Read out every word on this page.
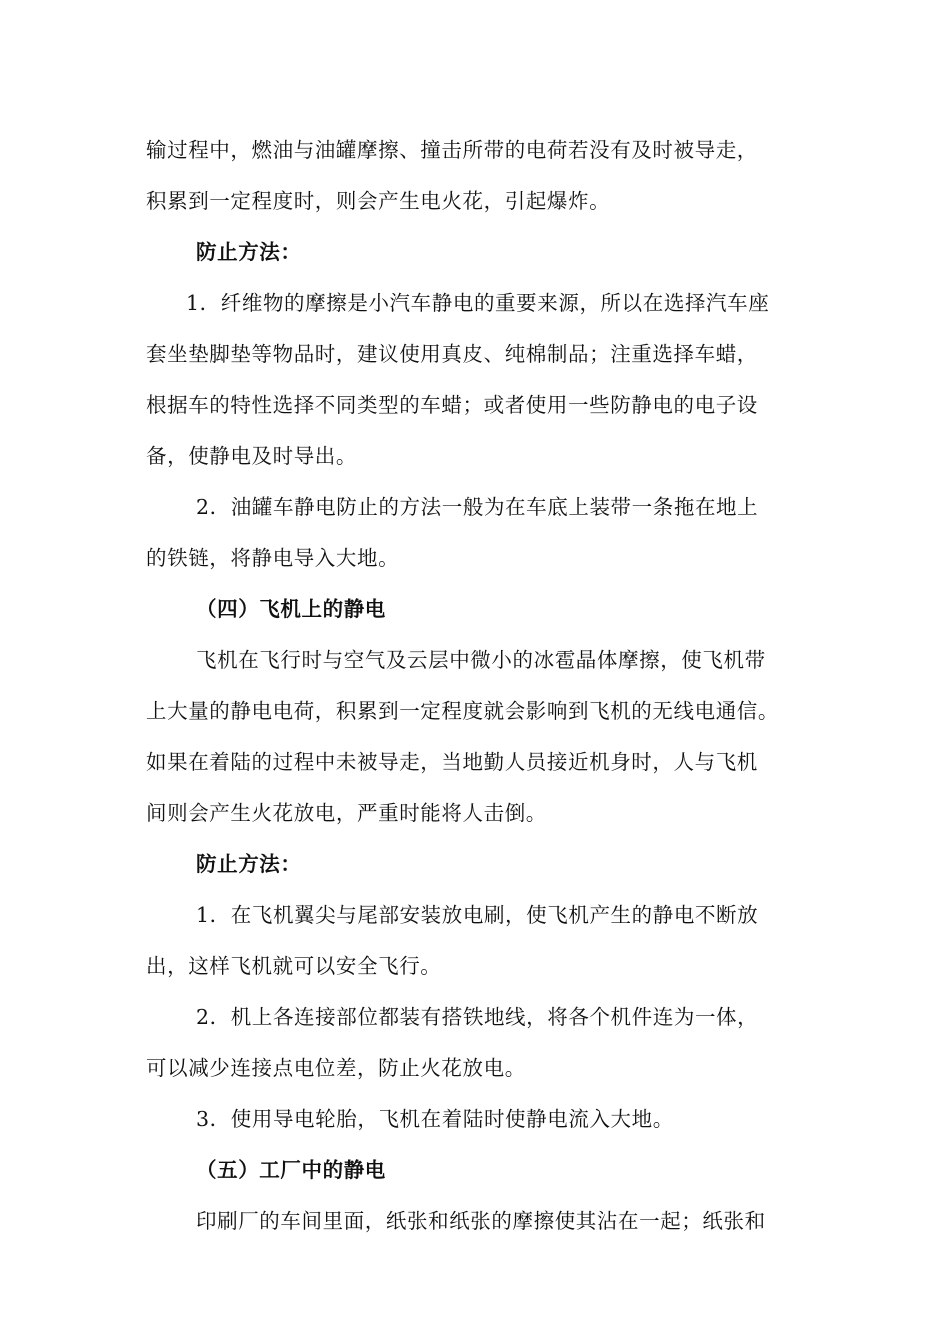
输过程中，燃油与油罐摩擦、撞击所带的电荷若没有及时被导走，
积累到一定程度时，则会产生电火花，引起爆炸。
防止方法：
1．纤维物的摩擦是小汽车静电的重要来源，所以在选择汽车座
套坐垫脚垫等物品时，建议使用真皮、纯棉制品；注重选择车蜡，
根据车的特性选择不同类型的车蜡；或者使用一些防静电的电子设
备，使静电及时导出。
2．油罐车静电防止的方法一般为在车底上装带一条拖在地上
的铁链，将静电导入大地。
（四）飞机上的静电
飞机在飞行时与空气及云层中微小的冰雹晶体摩擦，使飞机带
上大量的静电电荷，积累到一定程度就会影响到飞机的无线电通信。
如果在着陆的过程中未被导走，当地勤人员接近机身时，人与飞机
间则会产生火花放电，严重时能将人击倒。
防止方法：
1．在飞机翼尖与尾部安装放电刷，使飞机产生的静电不断放
出，这样飞机就可以安全飞行。
2．机上各连接部位都装有搭铁地线，将各个机件连为一体，
可以减少连接点电位差，防止火花放电。
3．使用导电轮胎，飞机在着陆时使静电流入大地。
（五）工厂中的静电
印刷厂的车间里面，纸张和纸张的摩擦使其沾在一起；纸张和
